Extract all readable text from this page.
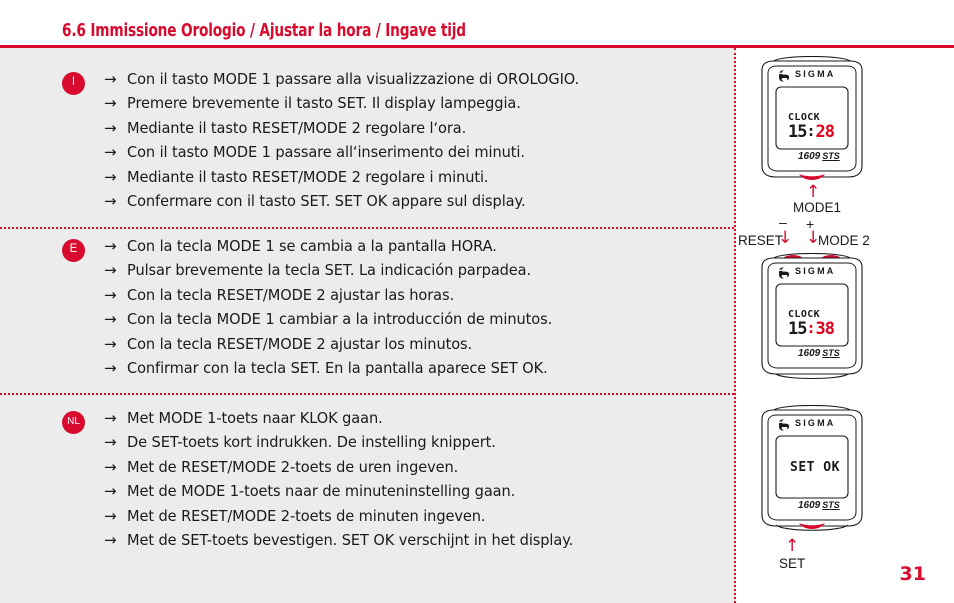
6.6 Immissione Orologio / Ajustar la hora / Ingave tijd
I	→ Con il tasto MODE 1 passare alla visualizzazione di OROLOGIO.
→ Premere brevemente il tasto SET. Il display lampeggia.
→ Mediante il tasto RESET/MODE 2 regolare l‘ora.
→ Con il tasto MODE 1 passare all‘inserimento dei minuti.
→ Mediante il tasto RESET/MODE 2 regolare i minuti.
→ Confermare con il tasto SET. SET OK appare sul display.
E	→ Con la tecla MODE 1 se cambia a la pantalla HORA.
→ Pulsar brevemente la tecla SET. La indicación parpadea.
→ Con la tecla RESET/MODE 2 ajustar las horas.
→ Con la tecla MODE 1 cambiar a la introducción de minutos.
→ Con la tecla RESET/MODE 2 ajustar los minutos.
→ Confirmar con la tecla SET. En la pantalla aparece SET OK.
NL	→ Met MODE 1-toets naar KLOK gaan.
→ De SET-toets kort indrukken. De instelling knippert.
→ Met de RESET/MODE 2-toets de uren ingeven.
→ Met de MODE 1-toets naar de minuteninstelling gaan.
→ Met de RESET/MODE 2-toets de minuten ingeven.
→ Met de SET-toets bevestigen. SET OK verschijnt in het display.
SIGMA
CLOCK
15 : 28
1609 STS
↑
MODE1
+
–
RESET
↓ ↓
MODE 2
SIGMA
CLOCK
15 : 38
1609 STS
SIGMA
SET OK
1609 STS
↑
SET	31
